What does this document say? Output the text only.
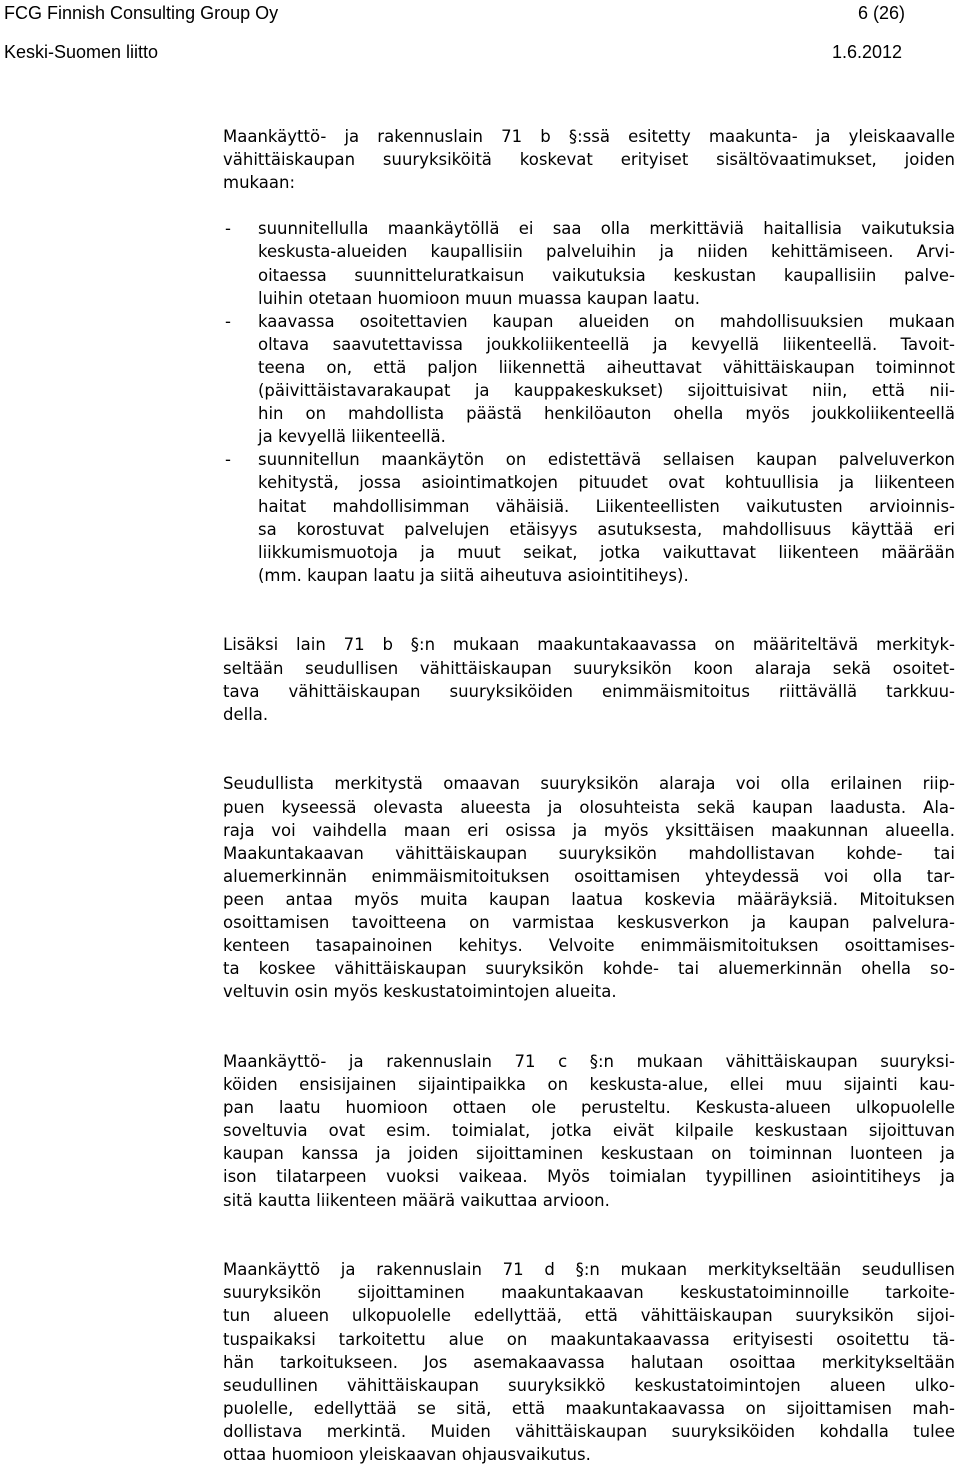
FCG Finnish Consulting Group Oy	6 (26)
Keski-Suomen liitto	1.6.2012
Maankäyttö- ja rakennuslain 71 b §:ssä esitetty maakunta- ja yleiskaavalle
vähittäiskaupan suuryksiköitä koskevat erityiset sisältövaatimukset, joiden
mukaan:
- suunnitellulla maankäytöllä ei saa olla merkittäviä haitallisia vaikutuksia
keskusta-alueiden kaupallisiin palveluihin ja niiden kehittämiseen. Arvi-
oitaessa suunnitteluratkaisun vaikutuksia keskustan kaupallisiin palve-
luihin otetaan huomioon muun muassa kaupan laatu.
- kaavassa osoitettavien kaupan alueiden on mahdollisuuksien mukaan
oltava saavutettavissa joukkoliikenteellä ja kevyellä liikenteellä. Tavoit-
teena on, että paljon liikennettä aiheuttavat vähittäiskaupan toiminnot
(päivittäistavarakaupat ja kauppakeskukset) sijoittuisivat niin, että nii-
hin on mahdollista päästä henkilöauton ohella myös joukkoliikenteellä
ja kevyellä liikenteellä.
- suunnitellun maankäytön on edistettävä sellaisen kaupan palveluverkon
kehitystä, jossa asiointimatkojen pituudet ovat kohtuullisia ja liikenteen
haitat mahdollisimman vähäisiä. Liikenteellisten vaikutusten arvioinnis-
sa korostuvat palvelujen etäisyys asutuksesta, mahdollisuus käyttää eri
liikkumismuotoja ja muut seikat, jotka vaikuttavat liikenteen määrään
(mm. kaupan laatu ja siitä aiheutuva asiointitiheys).
Lisäksi lain 71 b §:n mukaan maakuntakaavassa on määriteltävä merkityk-
seltään seudullisen vähittäiskaupan suuryksikön koon alaraja sekä osoitet-
tava vähittäiskaupan suuryksiköiden enimmäismitoitus riittävällä tarkkuu-
della.
Seudullista merkitystä omaavan suuryksikön alaraja voi olla erilainen riip-
puen kyseessä olevasta alueesta ja olosuhteista sekä kaupan laadusta. Ala-
raja voi vaihdella maan eri osissa ja myös yksittäisen maakunnan alueella.
Maakuntakaavan vähittäiskaupan suuryksikön mahdollistavan kohde- tai
aluemerkinnän enimmäismitoituksen osoittamisen yhteydessä voi olla tar-
peen antaa myös muita kaupan laatua koskevia määräyksiä. Mitoituksen
osoittamisen tavoitteena on varmistaa keskusverkon ja kaupan palvelura-
kenteen tasapainoinen kehitys. Velvoite enimmäismitoituksen osoittamises-
ta koskee vähittäiskaupan suuryksikön kohde- tai aluemerkinnän ohella so-
veltuvin osin myös keskustatoimintojen alueita.
Maankäyttö- ja rakennuslain 71 c §:n mukaan vähittäiskaupan suuryksi-
köiden ensisijainen sijaintipaikka on keskusta-alue, ellei muu sijainti kau-
pan laatu huomioon ottaen ole perusteltu. Keskusta-alueen ulkopuolelle
soveltuvia ovat esim. toimialat, jotka eivät kilpaile keskustaan sijoittuvan
kaupan kanssa ja joiden sijoittaminen keskustaan on toiminnan luonteen ja
ison tilatarpeen vuoksi vaikeaa. Myös toimialan tyypillinen asiointitiheys ja
sitä kautta liikenteen määrä vaikuttaa arvioon.
Maankäyttö ja rakennuslain 71 d §:n mukaan merkitykseltään seudullisen
suuryksikön sijoittaminen maakuntakaavan keskustatoiminnoille tarkoite-
tun alueen ulkopuolelle edellyttää, että vähittäiskaupan suuryksikön sijoi-
tuspaikaksi tarkoitettu alue on maakuntakaavassa erityisesti osoitettu tä-
hän tarkoitukseen. Jos asemakaavassa halutaan osoittaa merkitykseltään
seudullinen vähittäiskaupan suuryksikkö keskustatoimintojen alueen ulko-
puolelle, edellyttää se sitä, että maakuntakaavassa on sijoittamisen mah-
dollistava merkintä. Muiden vähittäiskaupan suuryksiköiden kohdalla tulee
ottaa huomioon yleiskaavan ohjausvaikutus.
